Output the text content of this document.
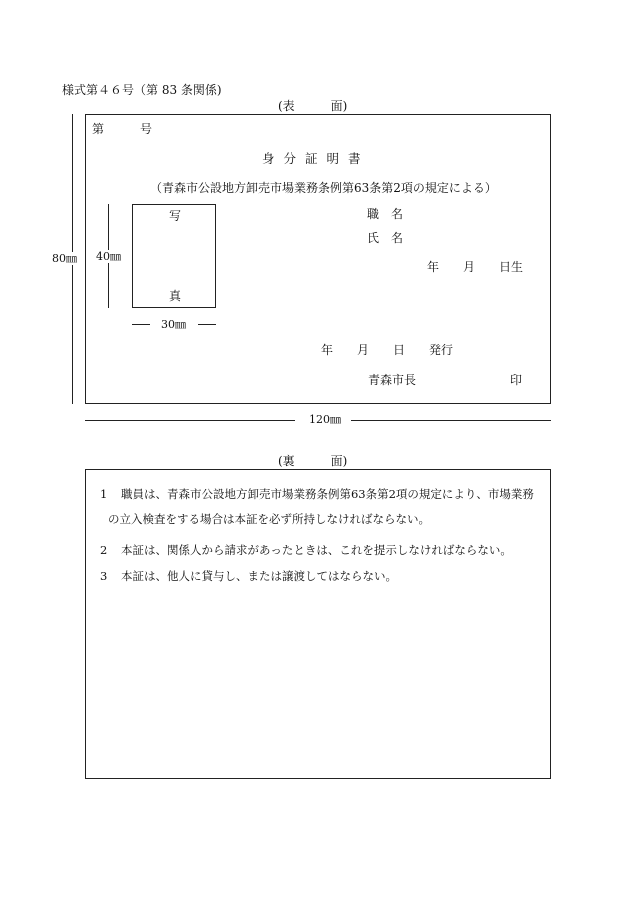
様式第４６号（第 83 条関係)
(表　　　面)
80㎜
第　　　号
身分証明書
（青森市公設地方卸売市場業務条例第63条第2項の規定による）
写
真
40㎜
30㎜
職　名
氏　名
年　　月　　日生
年　　月　　日　　発行
青森市長	印
120㎜
(裏　　　面)
1 職員は、青森市公設地方卸売市場業務条例第63条第2項の規定により、市場業務
の立入検査をする場合は本証を必ず所持しなければならない。
2 本証は、関係人から請求があったときは、これを提示しなければならない。
3 本証は、他人に貸与し、または譲渡してはならない。
